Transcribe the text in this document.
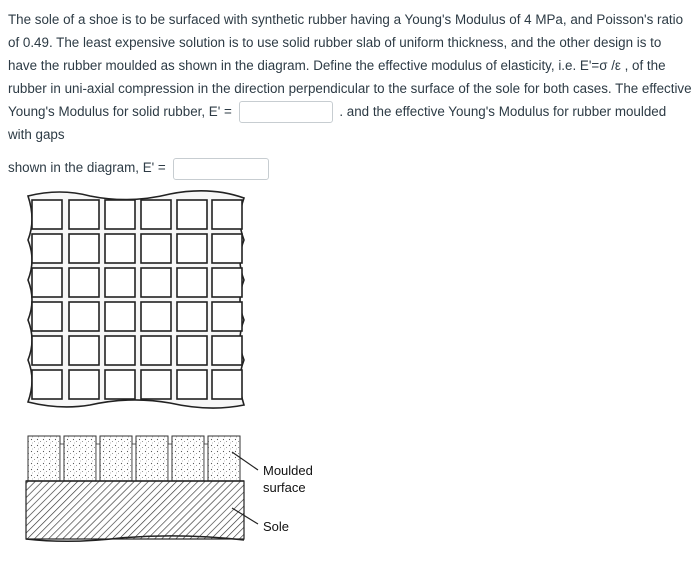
The sole of a shoe is to be surfaced with synthetic rubber having a Young's Modulus of 4 MPa, and Poisson's ratio of 0.49. The least expensive solution is to use solid rubber slab of uniform thickness, and the other design is to have the rubber moulded as shown in the diagram. Define the effective modulus of elasticity, i.e. E'=σ /ε , of the rubber in uni-axial compression in the direction perpendicular to the surface of the sole for both cases. The effective Young's Modulus for solid rubber, E' =	. and the effective Young's Modulus for rubber moulded with gaps
shown in the diagram, E' =
Moulded
surface
Sole
